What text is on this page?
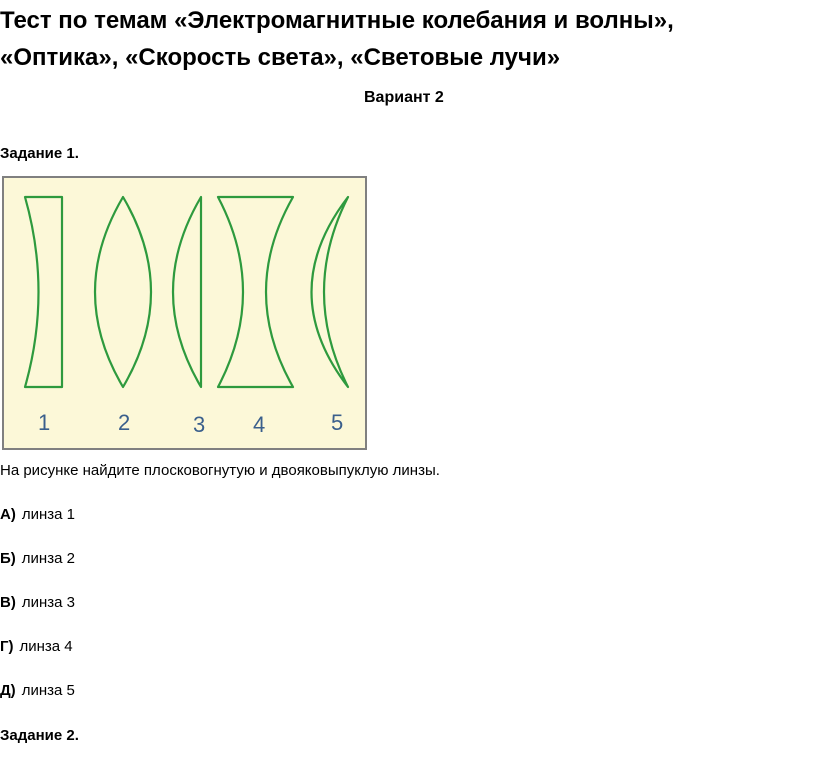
Тест по темам «Электромагнитные колебания и волны»,
«Оптика», «Скорость света», «Световые лучи»
Вариант 2
Задание 1.
1	2	3 4	5
На рисунке найдите плосковогнутую и двояковыпуклую линзы.
А) линза 1
Б) линза 2
В) линза 3
Г) линза 4
Д) линза 5
Задание 2.
